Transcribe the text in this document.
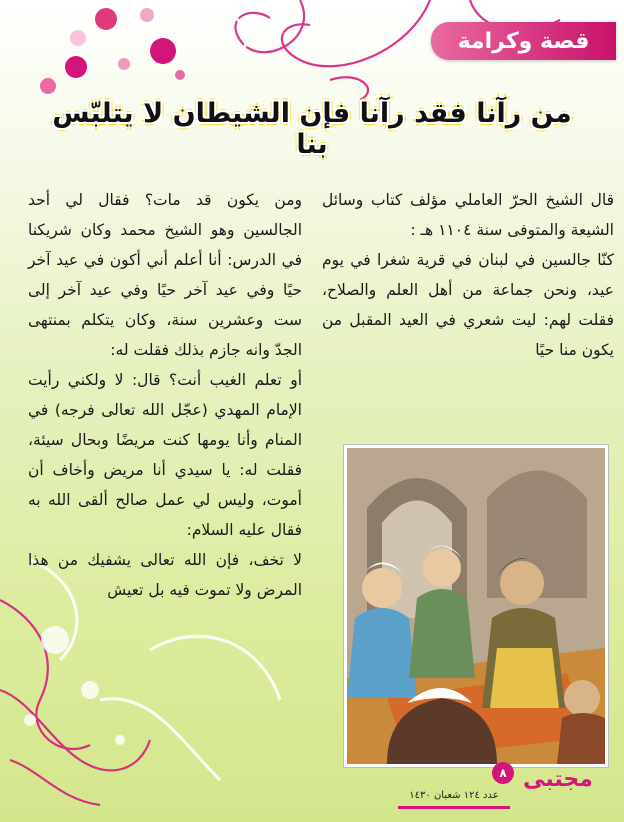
قصة وكرامة
من رآنا فقد رآنا فإن الشيطان لا يتلبّس بنا

قال الشيخ الحرّ العاملي مؤلف كتاب وسائل الشيعة والمتوفى سنة ١١٠٤ هـ :

كنّا جالسين في لبنان في قرية شغرا في يوم عيد، ونحن جماعة من أهل العلم والصلاح، فقلت لهم: ليت شعري في العيد المقبل من يكون منا حيًا

ومن يكون قد مات؟ فقال لي أحد الجالسين وهو الشيخ محمد وكان شريكنا في الدرس: أنا أعلم أني أكون في عيد آخر حيًا وفي عيد آخر حيًا وفي عيد آخر إلى ست وعشرين سنة، وكان يتكلم بمنتهى الجدّ وانه جازم بذلك فقلت له:

أو تعلم الغيب أنت؟ قال: لا ولكني رأيت الإمام المهدي (عجّل الله تعالى فرجه) في المنام وأنا يومها كنت مريضًا وبحال سيئة، فقلت له: يا سيدي أنا مريض وأخاف أن أموت، وليس لي عمل صالح ألقى الله به فقال عليه السلام:

لا تخف، فإن الله تعالى يشفيك من هذا المرض ولا تموت فيه بل تعيش

٨ مجتبى
عدد ١٢٤ شعبان ١٤٣٠
